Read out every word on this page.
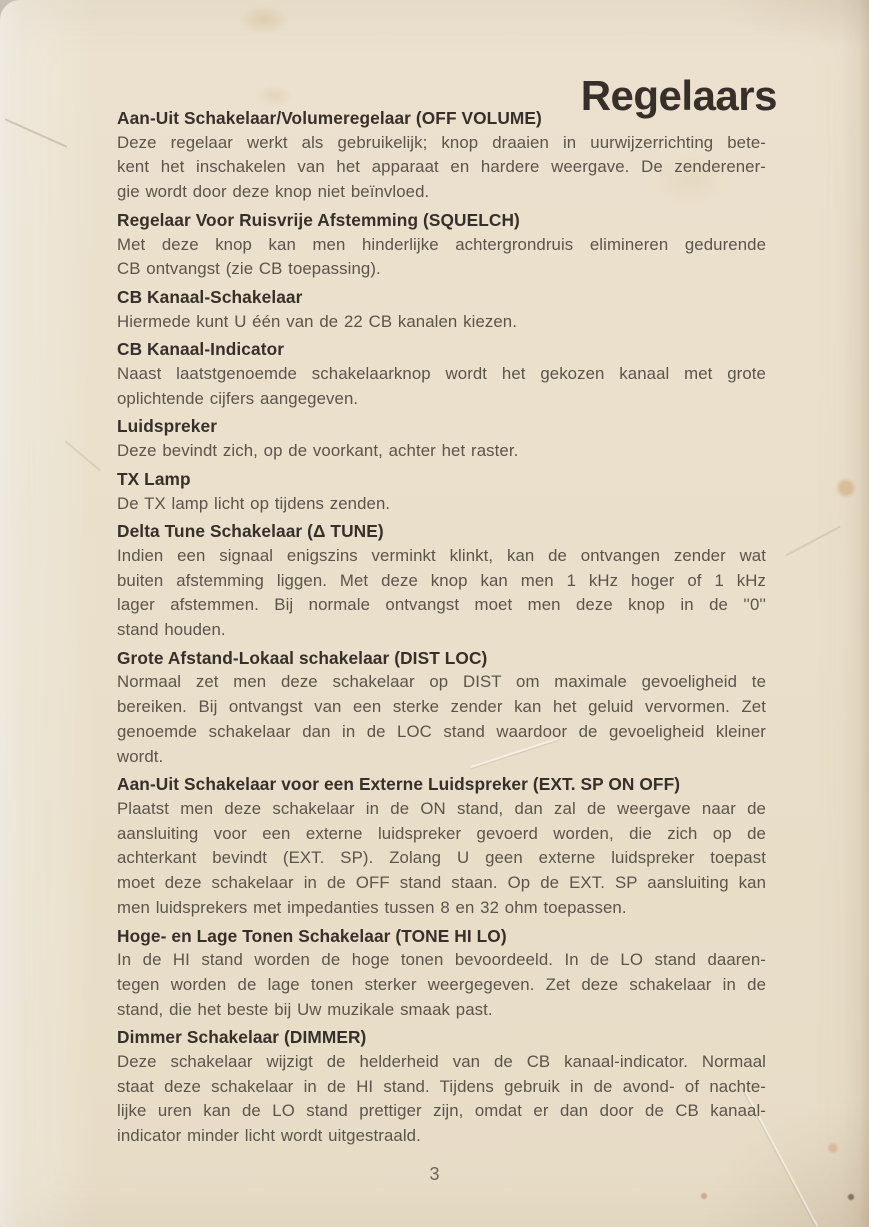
Regelaars
Aan-Uit Schakelaar/Volumeregelaar (OFF VOLUME)
Deze regelaar werkt als gebruikelijk; knop draaien in uurwijzerrichting bete-
kent het inschakelen van het apparaat en hardere weergave. De zenderener-
gie wordt door deze knop niet beïnvloed.
Regelaar Voor Ruisvrije Afstemming (SQUELCH)
Met deze knop kan men hinderlijke achtergrondruis elimineren gedurende
CB ontvangst (zie CB toepassing).
CB Kanaal-Schakelaar
Hiermede kunt U één van de 22 CB kanalen kiezen.
CB Kanaal-Indicator
Naast laatstgenoemde schakelaarknop wordt het gekozen kanaal met grote
oplichtende cijfers aangegeven.
Luidspreker
Deze bevindt zich, op de voorkant, achter het raster.
TX Lamp
De TX lamp licht op tijdens zenden.
Delta Tune Schakelaar (Δ TUNE)
Indien een signaal enigszins verminkt klinkt, kan de ontvangen zender wat
buiten afstemming liggen. Met deze knop kan men 1 kHz hoger of 1 kHz
lager afstemmen. Bij normale ontvangst moet men deze knop in de ''0''
stand houden.
Grote Afstand-Lokaal schakelaar (DIST LOC)
Normaal zet men deze schakelaar op DIST om maximale gevoeligheid te
bereiken. Bij ontvangst van een sterke zender kan het geluid vervormen. Zet
genoemde schakelaar dan in de LOC stand waardoor de gevoeligheid kleiner
wordt.
Aan-Uit Schakelaar voor een Externe Luidspreker (EXT. SP ON OFF)
Plaatst men deze schakelaar in de ON stand, dan zal de weergave naar de
aansluiting voor een externe luidspreker gevoerd worden, die zich op de
achterkant bevindt (EXT. SP). Zolang U geen externe luidspreker toepast
moet deze schakelaar in de OFF stand staan. Op de EXT. SP aansluiting kan
men luidsprekers met impedanties tussen 8 en 32 ohm toepassen.
Hoge- en Lage Tonen Schakelaar (TONE HI LO)
In de HI stand worden de hoge tonen bevoordeeld. In de LO stand daaren-
tegen worden de lage tonen sterker weergegeven. Zet deze schakelaar in de
stand, die het beste bij Uw muzikale smaak past.
Dimmer Schakelaar (DIMMER)
Deze schakelaar wijzigt de helderheid van de CB kanaal-indicator. Normaal
staat deze schakelaar in de HI stand. Tijdens gebruik in de avond- of nachte-
lijke uren kan de LO stand prettiger zijn, omdat er dan door de CB kanaal-
indicator minder licht wordt uitgestraald.
3
